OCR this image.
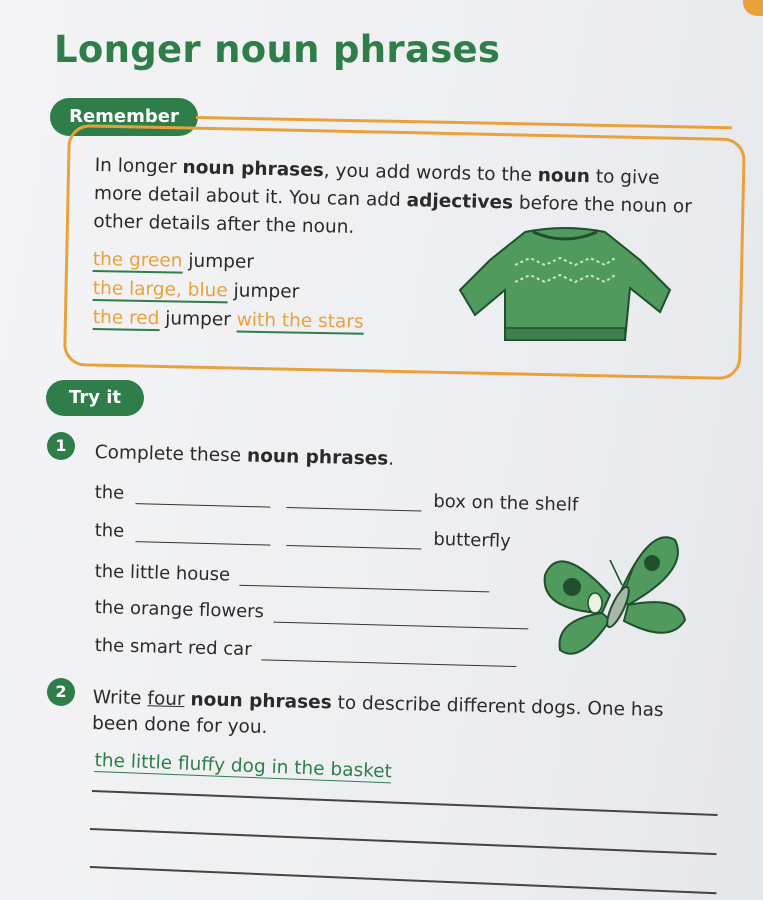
Longer noun phrases
Remember
In longer noun phrases, you add words to the noun to give more detail about it. You can add adjectives before the noun or other details after the noun.
the green jumper
the large, blue jumper
the red jumper with the stars
Try it
1	Complete these noun phrases.
the	box on the shelf
the	butterfly
the little house
the orange flowers
the smart red car
2	Write four noun phrases to describe different dogs. One has been done for you.
the little fluffy dog in the basket
